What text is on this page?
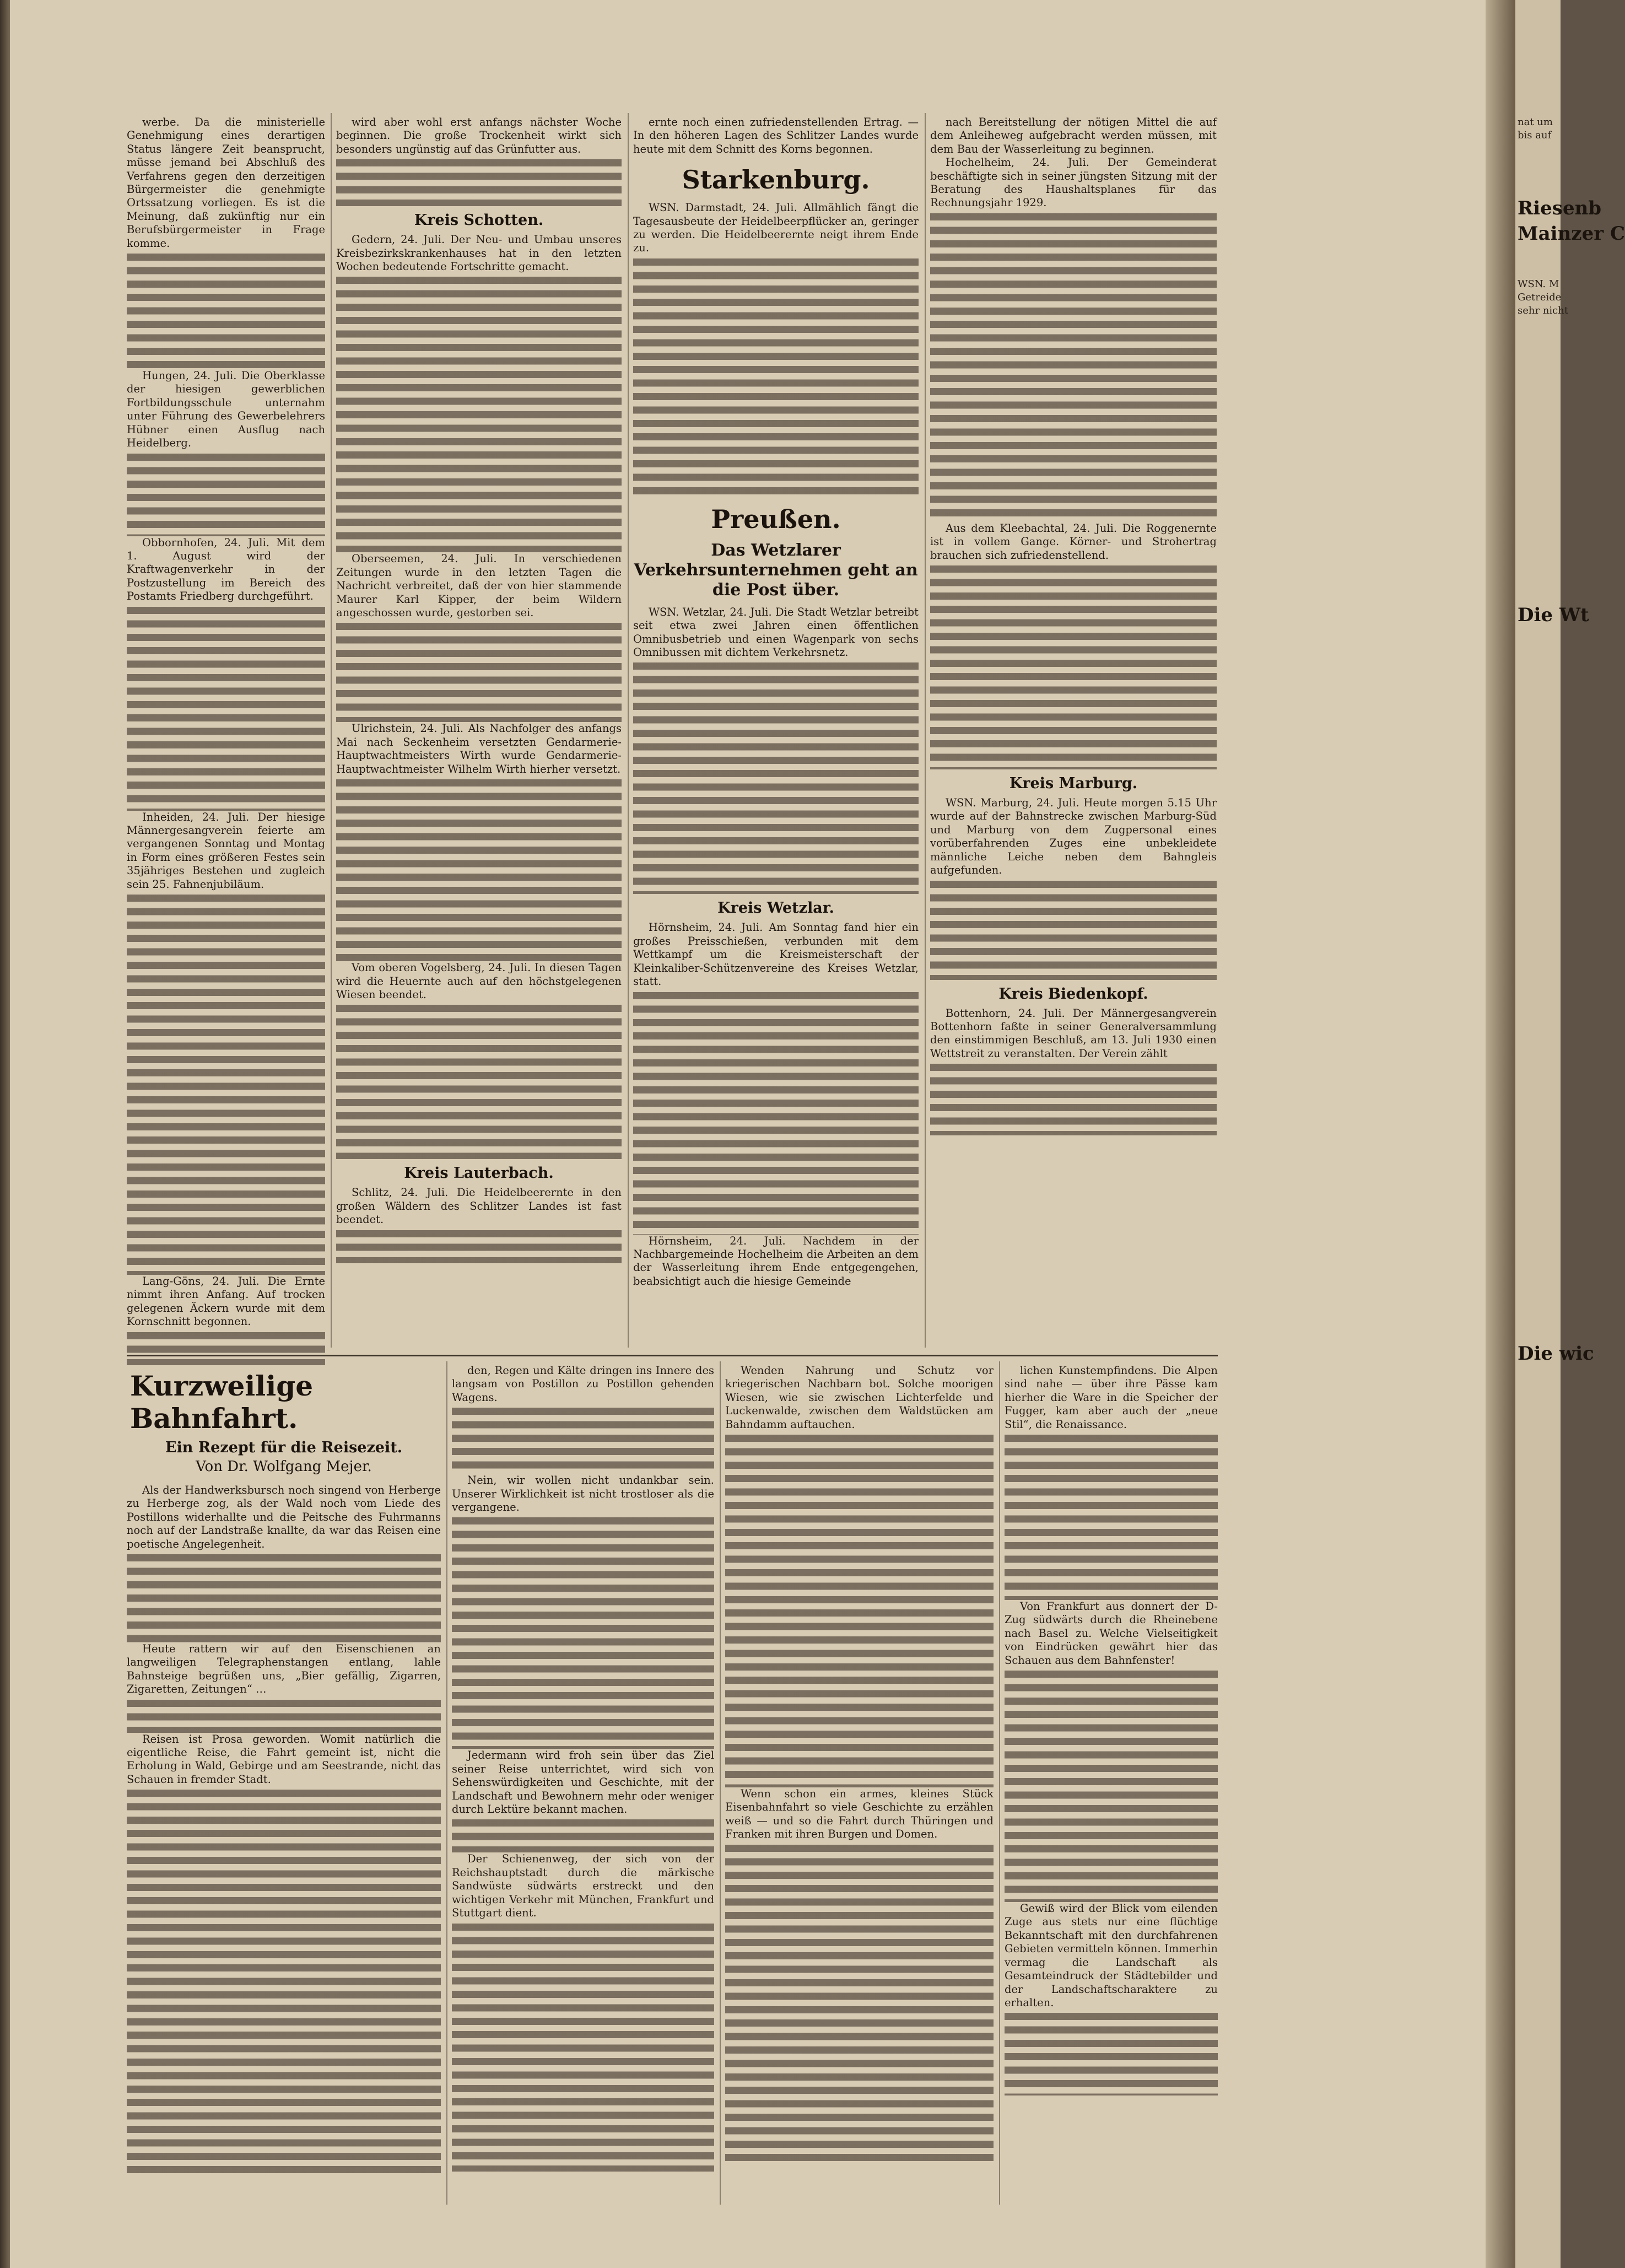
werbe. Da die ministerielle Genehmigung eines derartigen Status längere Zeit beansprucht, müsse jemand bei Abschluß des Verfahrens gegen den derzeitigen Bürgermeister die genehmigte Ortssatzung vorliegen. Es ist die Meinung, daß zukünftig nur ein Berufsbürgermeister in Frage komme.

Hungen, 24. Juli. Die Oberklasse der hiesigen gewerblichen Fortbildungsschule unternahm unter Führung des Gewerbelehrers Hübner einen Ausflug nach Heidelberg.

Obbornhofen, 24. Juli. Mit dem 1. August wird der Kraftwagenverkehr in der Postzustellung im Bereich des Postamts Friedberg durchgeführt.

Inheiden, 24. Juli. Der hiesige Männergesangverein feierte am vergangenen Sonntag und Montag in Form eines größeren Festes sein 35jähriges Bestehen und zugleich sein 25. Fahnenjubiläum.

Lang-Göns, 24. Juli. Die Ernte nimmt ihren Anfang. Auf trocken gelegenen Äckern wurde mit dem Kornschnitt begonnen.

wird aber wohl erst anfangs nächster Woche beginnen. Die große Trockenheit wirkt sich besonders ungünstig auf das Grünfutter aus.

Kreis Schotten.

Gedern, 24. Juli. Der Neu- und Umbau unseres Kreisbezirkskrankenhauses hat in den letzten Wochen bedeutende Fortschritte gemacht.

Oberseemen, 24. Juli. In verschiedenen Zeitungen wurde in den letzten Tagen die Nachricht verbreitet, daß der von hier stammende Maurer Karl Kipper, der beim Wildern angeschossen wurde, gestorben sei.

Ulrichstein, 24. Juli. Als Nachfolger des anfangs Mai nach Seckenheim versetzten Gendarmerie-Hauptwachtmeisters Wirth wurde Gendarmerie-Hauptwachtmeister Wilhelm Wirth hierher versetzt.

Vom oberen Vogelsberg, 24. Juli. In diesen Tagen wird die Heuernte auch auf den höchstgelegenen Wiesen beendet.

Kreis Lauterbach.

Schlitz, 24. Juli. Die Heidelbeerernte in den großen Wäldern des Schlitzer Landes ist fast beendet.

ernte noch einen zufriedenstellenden Ertrag. — In den höheren Lagen des Schlitzer Landes wurde heute mit dem Schnitt des Korns begonnen.

Starkenburg.

WSN. Darmstadt, 24. Juli. Allmählich fängt die Tagesausbeute der Heidelbeerpflücker an, geringer zu werden. Die Heidelbeerernte neigt ihrem Ende zu.

Preußen.
Das Wetzlarer Verkehrsunternehmen geht an die Post über.

WSN. Wetzlar, 24. Juli. Die Stadt Wetzlar betreibt seit etwa zwei Jahren einen öffentlichen Omnibusbetrieb und einen Wagenpark von sechs Omnibussen mit dichtem Verkehrsnetz.

Kreis Wetzlar.

Hörnsheim, 24. Juli. Am Sonntag fand hier ein großes Preisschießen, verbunden mit dem Wettkampf um die Kreismeisterschaft der Kleinkaliber-Schützenvereine des Kreises Wetzlar, statt.

Hörnsheim, 24. Juli. Nachdem in der Nachbargemeinde Hochelheim die Arbeiten an dem der Wasserleitung ihrem Ende entgegengehen, beabsichtigt auch die hiesige Gemeinde

nach Bereitstellung der nötigen Mittel die auf dem Anleiheweg aufgebracht werden müssen, mit dem Bau der Wasserleitung zu beginnen.

Hochelheim, 24. Juli. Der Gemeinderat beschäftigte sich in seiner jüngsten Sitzung mit der Beratung des Haushaltsplanes für das Rechnungsjahr 1929.

Aus dem Kleebachtal, 24. Juli. Die Roggenernte ist in vollem Gange. Körner- und Strohertrag brauchen sich zufriedenstellend.

Kreis Marburg.

WSN. Marburg, 24. Juli. Heute morgen 5.15 Uhr wurde auf der Bahnstrecke zwischen Marburg-Süd und Marburg von dem Zugpersonal eines vorüberfahrenden Zuges eine unbekleidete männliche Leiche neben dem Bahngleis aufgefunden.

Kreis Biedenkopf.

Bottenhorn, 24. Juli. Der Männergesangverein Bottenhorn faßte in seiner Generalversammlung den einstimmigen Beschluß, am 13. Juli 1930 einen Wettstreit zu veranstalten. Der Verein zählt

Kurzweilige Bahnfahrt.
Ein Rezept für die Reisezeit.
Von Dr. Wolfgang Mejer.

Als der Handwerksbursch noch singend von Herberge zu Herberge zog, als der Wald noch vom Liede des Postillons widerhallte und die Peitsche des Fuhrmanns noch auf der Landstraße knallte, da war das Reisen eine poetische Angelegenheit.

Heute rattern wir auf den Eisenschienen an langweiligen Telegraphenstangen entlang, lahle Bahnsteige begrüßen uns, „Bier gefällig, Zigarren, Zigaretten, Zeitungen“ …

Reisen ist Prosa geworden. Womit natürlich die eigentliche Reise, die Fahrt gemeint ist, nicht die Erholung in Wald, Gebirge und am Seestrande, nicht das Schauen in fremder Stadt.

den, Regen und Kälte dringen ins Innere des langsam von Postillon zu Postillon gehenden Wagens.

Nein, wir wollen nicht undankbar sein. Unserer Wirklichkeit ist nicht trostloser als die vergangene.

Jedermann wird froh sein über das Ziel seiner Reise unterrichtet, wird sich von Sehenswürdigkeiten und Geschichte, mit der Landschaft und Bewohnern mehr oder weniger durch Lektüre bekannt machen.

Der Schienenweg, der sich von der Reichshauptstadt durch die märkische Sandwüste südwärts erstreckt und den wichtigen Verkehr mit München, Frankfurt und Stuttgart dient.

Wenden Nahrung und Schutz vor kriegerischen Nachbarn bot. Solche moorigen Wiesen, wie sie zwischen Lichterfelde und Luckenwalde, zwischen dem Waldstücken am Bahndamm auftauchen.

Wenn schon ein armes, kleines Stück Eisenbahnfahrt so viele Geschichte zu erzählen weiß — und so die Fahrt durch Thüringen und Franken mit ihren Burgen und Domen.

lichen Kunstempfindens. Die Alpen sind nahe — über ihre Pässe kam hierher die Ware in die Speicher der Fugger, kam aber auch der „neue Stil“, die Renaissance.

Von Frankfurt aus donnert der D-Zug südwärts durch die Rheinebene nach Basel zu. Welche Vielseitigkeit von Eindrücken gewährt hier das Schauen aus dem Bahnfenster!

Gewiß wird der Blick vom eilenden Zuge aus stets nur eine flüchtige Bekanntschaft mit den durchfahrenen Gebieten vermitteln können. Immerhin vermag die Landschaft als Gesamteindruck der Städtebilder und der Landschaftscharaktere zu erhalten.

nat um
bis auf
Riesenb
Mainzer C
WSN. M
Getreide
sehr nicht
Die Wt
Die wic
